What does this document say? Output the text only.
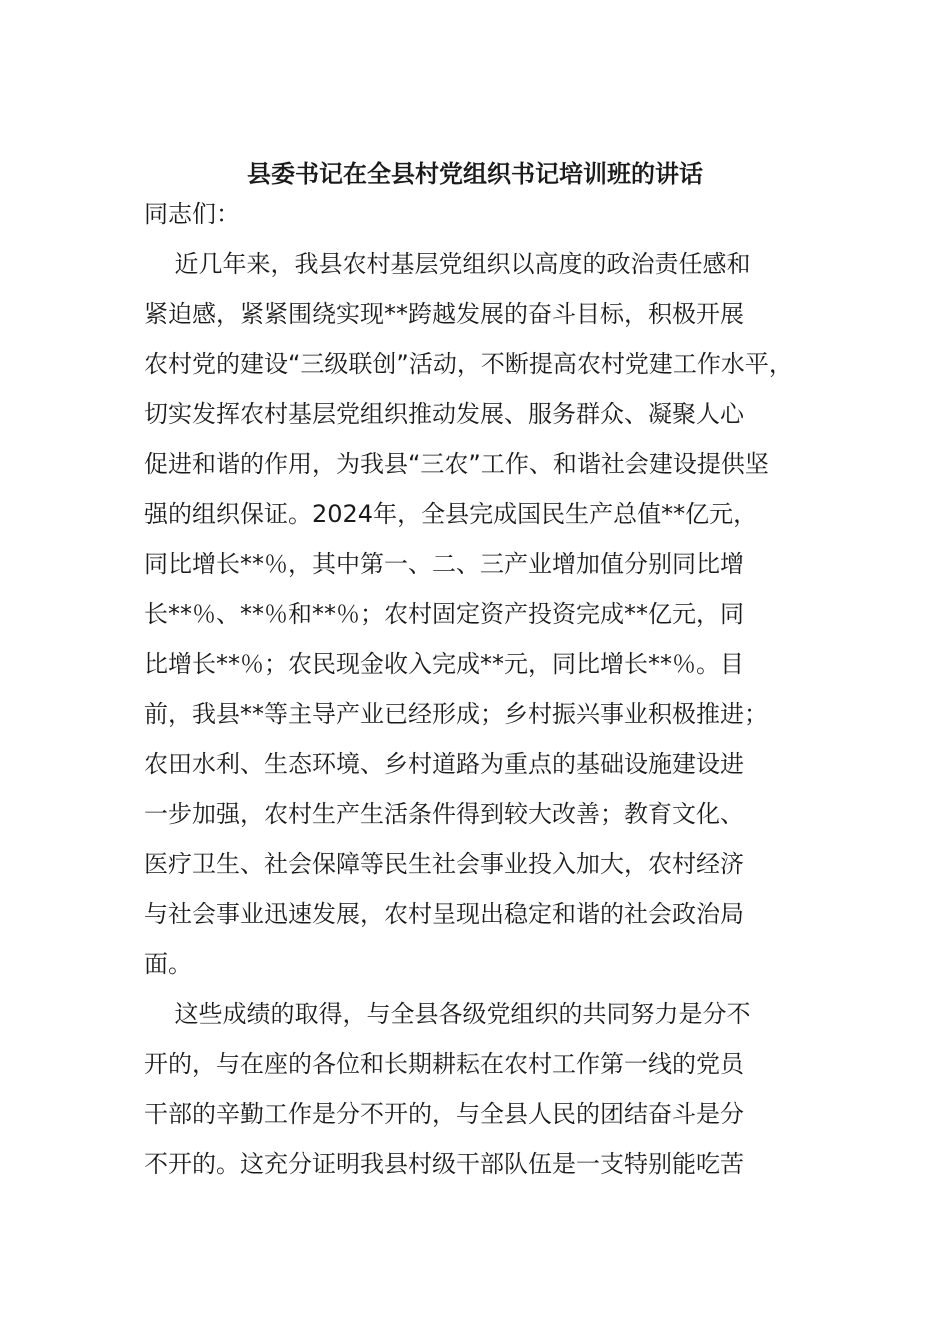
县委书记在全县村党组织书记培训班的讲话
同志们：
近几年来，我县农村基层党组织以高度的政治责任感和
紧迫感，紧紧围绕实现**跨越发展的奋斗目标，积极开展
农村党的建设“三级联创”活动，不断提高农村党建工作水平，
切实发挥农村基层党组织推动发展、服务群众、凝聚人心
促进和谐的作用，为我县“三农”工作、和谐社会建设提供坚
强的组织保证。2024年，全县完成国民生产总值**亿元，
同比增长**％，其中第一、二、三产业增加值分别同比增
长**％、**％和**％；农村固定资产投资完成**亿元，同
比增长**％；农民现金收入完成**元，同比增长**％。目
前，我县**等主导产业已经形成；乡村振兴事业积极推进；
农田水利、生态环境、乡村道路为重点的基础设施建设进
一步加强，农村生产生活条件得到较大改善；教育文化、
医疗卫生、社会保障等民生社会事业投入加大，农村经济
与社会事业迅速发展，农村呈现出稳定和谐的社会政治局
面。
这些成绩的取得，与全县各级党组织的共同努力是分不
开的，与在座的各位和长期耕耘在农村工作第一线的党员
干部的辛勤工作是分不开的，与全县人民的团结奋斗是分
不开的。这充分证明我县村级干部队伍是一支特别能吃苦
